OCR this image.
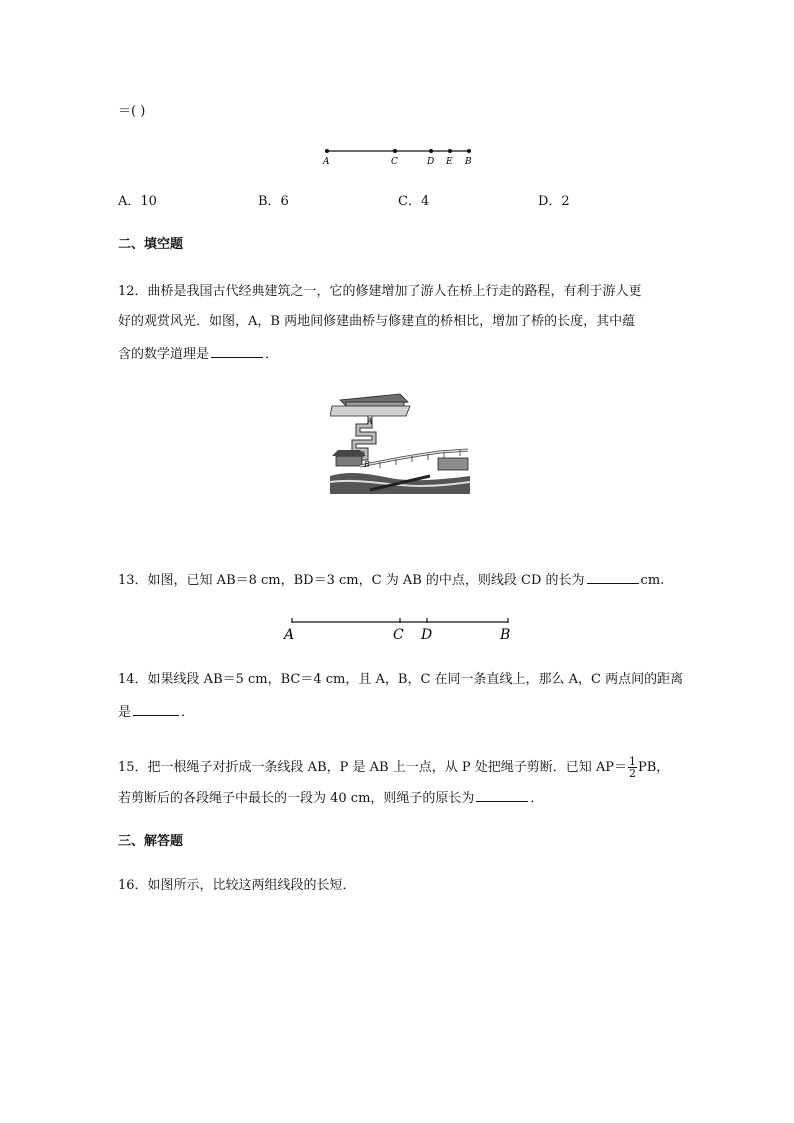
＝( )
A	C	D E B
A．10	B．6	C．4	D．2
二、填空题
12．曲桥是我国古代经典建筑之一，它的修建增加了游人在桥上行走的路程，有利于游人更
好的观赏风光．如图，A，B 两地间修建曲桥与修建直的桥相比，增加了桥的长度，其中蕴
含的数学道理是	．
A
B
13．如图，已知 AB＝8 cm，BD＝3 cm，C 为 AB 的中点，则线段 CD 的长为	cm.
A	C D	B
14．如果线段 AB＝5 cm，BC＝4 cm，且 A，B，C 在同一条直线上，那么 A，C 两点间的距离
是	．
15．把一根绳子对折成一条线段 AB，P 是 AB 上一点，从 P 处把绳子剪断．已知 $AP= \frac{1}{2}$ PB，
若剪断后的各段绳子中最长的一段为 40 cm，则绳子的原长为	．
三、解答题
16．如图所示，比较这两组线段的长短．
